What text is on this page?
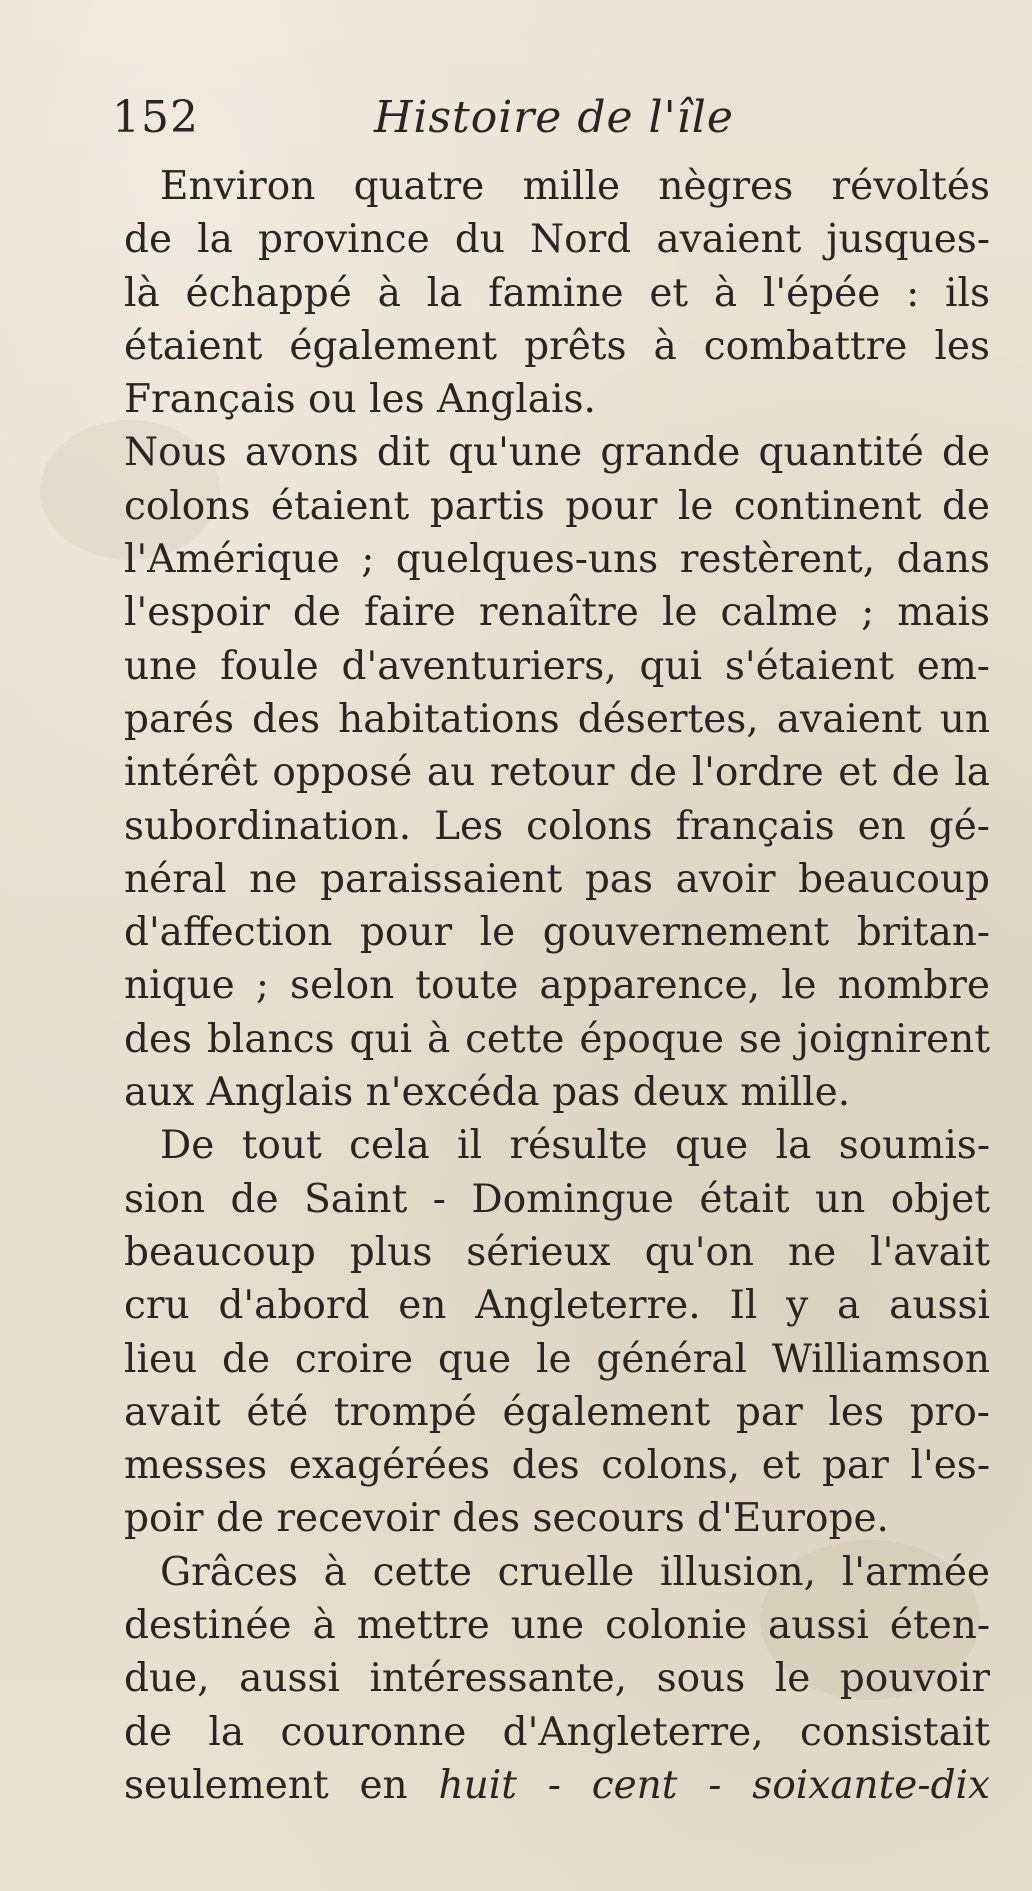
152	Histoire de l'île
Environ quatre mille nègres révoltés
de la province du Nord avaient jusques-
là échappé à la famine et à l'épée : ils
étaient également prêts à combattre les
Français ou les Anglais.
Nous avons dit qu'une grande quantité de
colons étaient partis pour le continent de
l'Amérique ; quelques-uns restèrent, dans
l'espoir de faire renaître le calme ; mais
une foule d'aventuriers, qui s'étaient em-
parés des habitations désertes, avaient un
intérêt opposé au retour de l'ordre et de la
subordination. Les colons français en gé-
néral ne paraissaient pas avoir beaucoup
d'affection pour le gouvernement britan-
nique ; selon toute apparence, le nombre
des blancs qui à cette époque se joignirent
aux Anglais n'excéda pas deux mille.
De tout cela il résulte que la soumis-
sion de Saint - Domingue était un objet
beaucoup plus sérieux qu'on ne l'avait
cru d'abord en Angleterre. Il y a aussi
lieu de croire que le général Williamson
avait été trompé également par les pro-
messes exagérées des colons, et par l'es-
poir de recevoir des secours d'Europe.
Grâces à cette cruelle illusion, l'armée
destinée à mettre une colonie aussi éten-
due, aussi intéressante, sous le pouvoir
de la couronne d'Angleterre, consistait
seulement en huit - cent - soixante-dix
